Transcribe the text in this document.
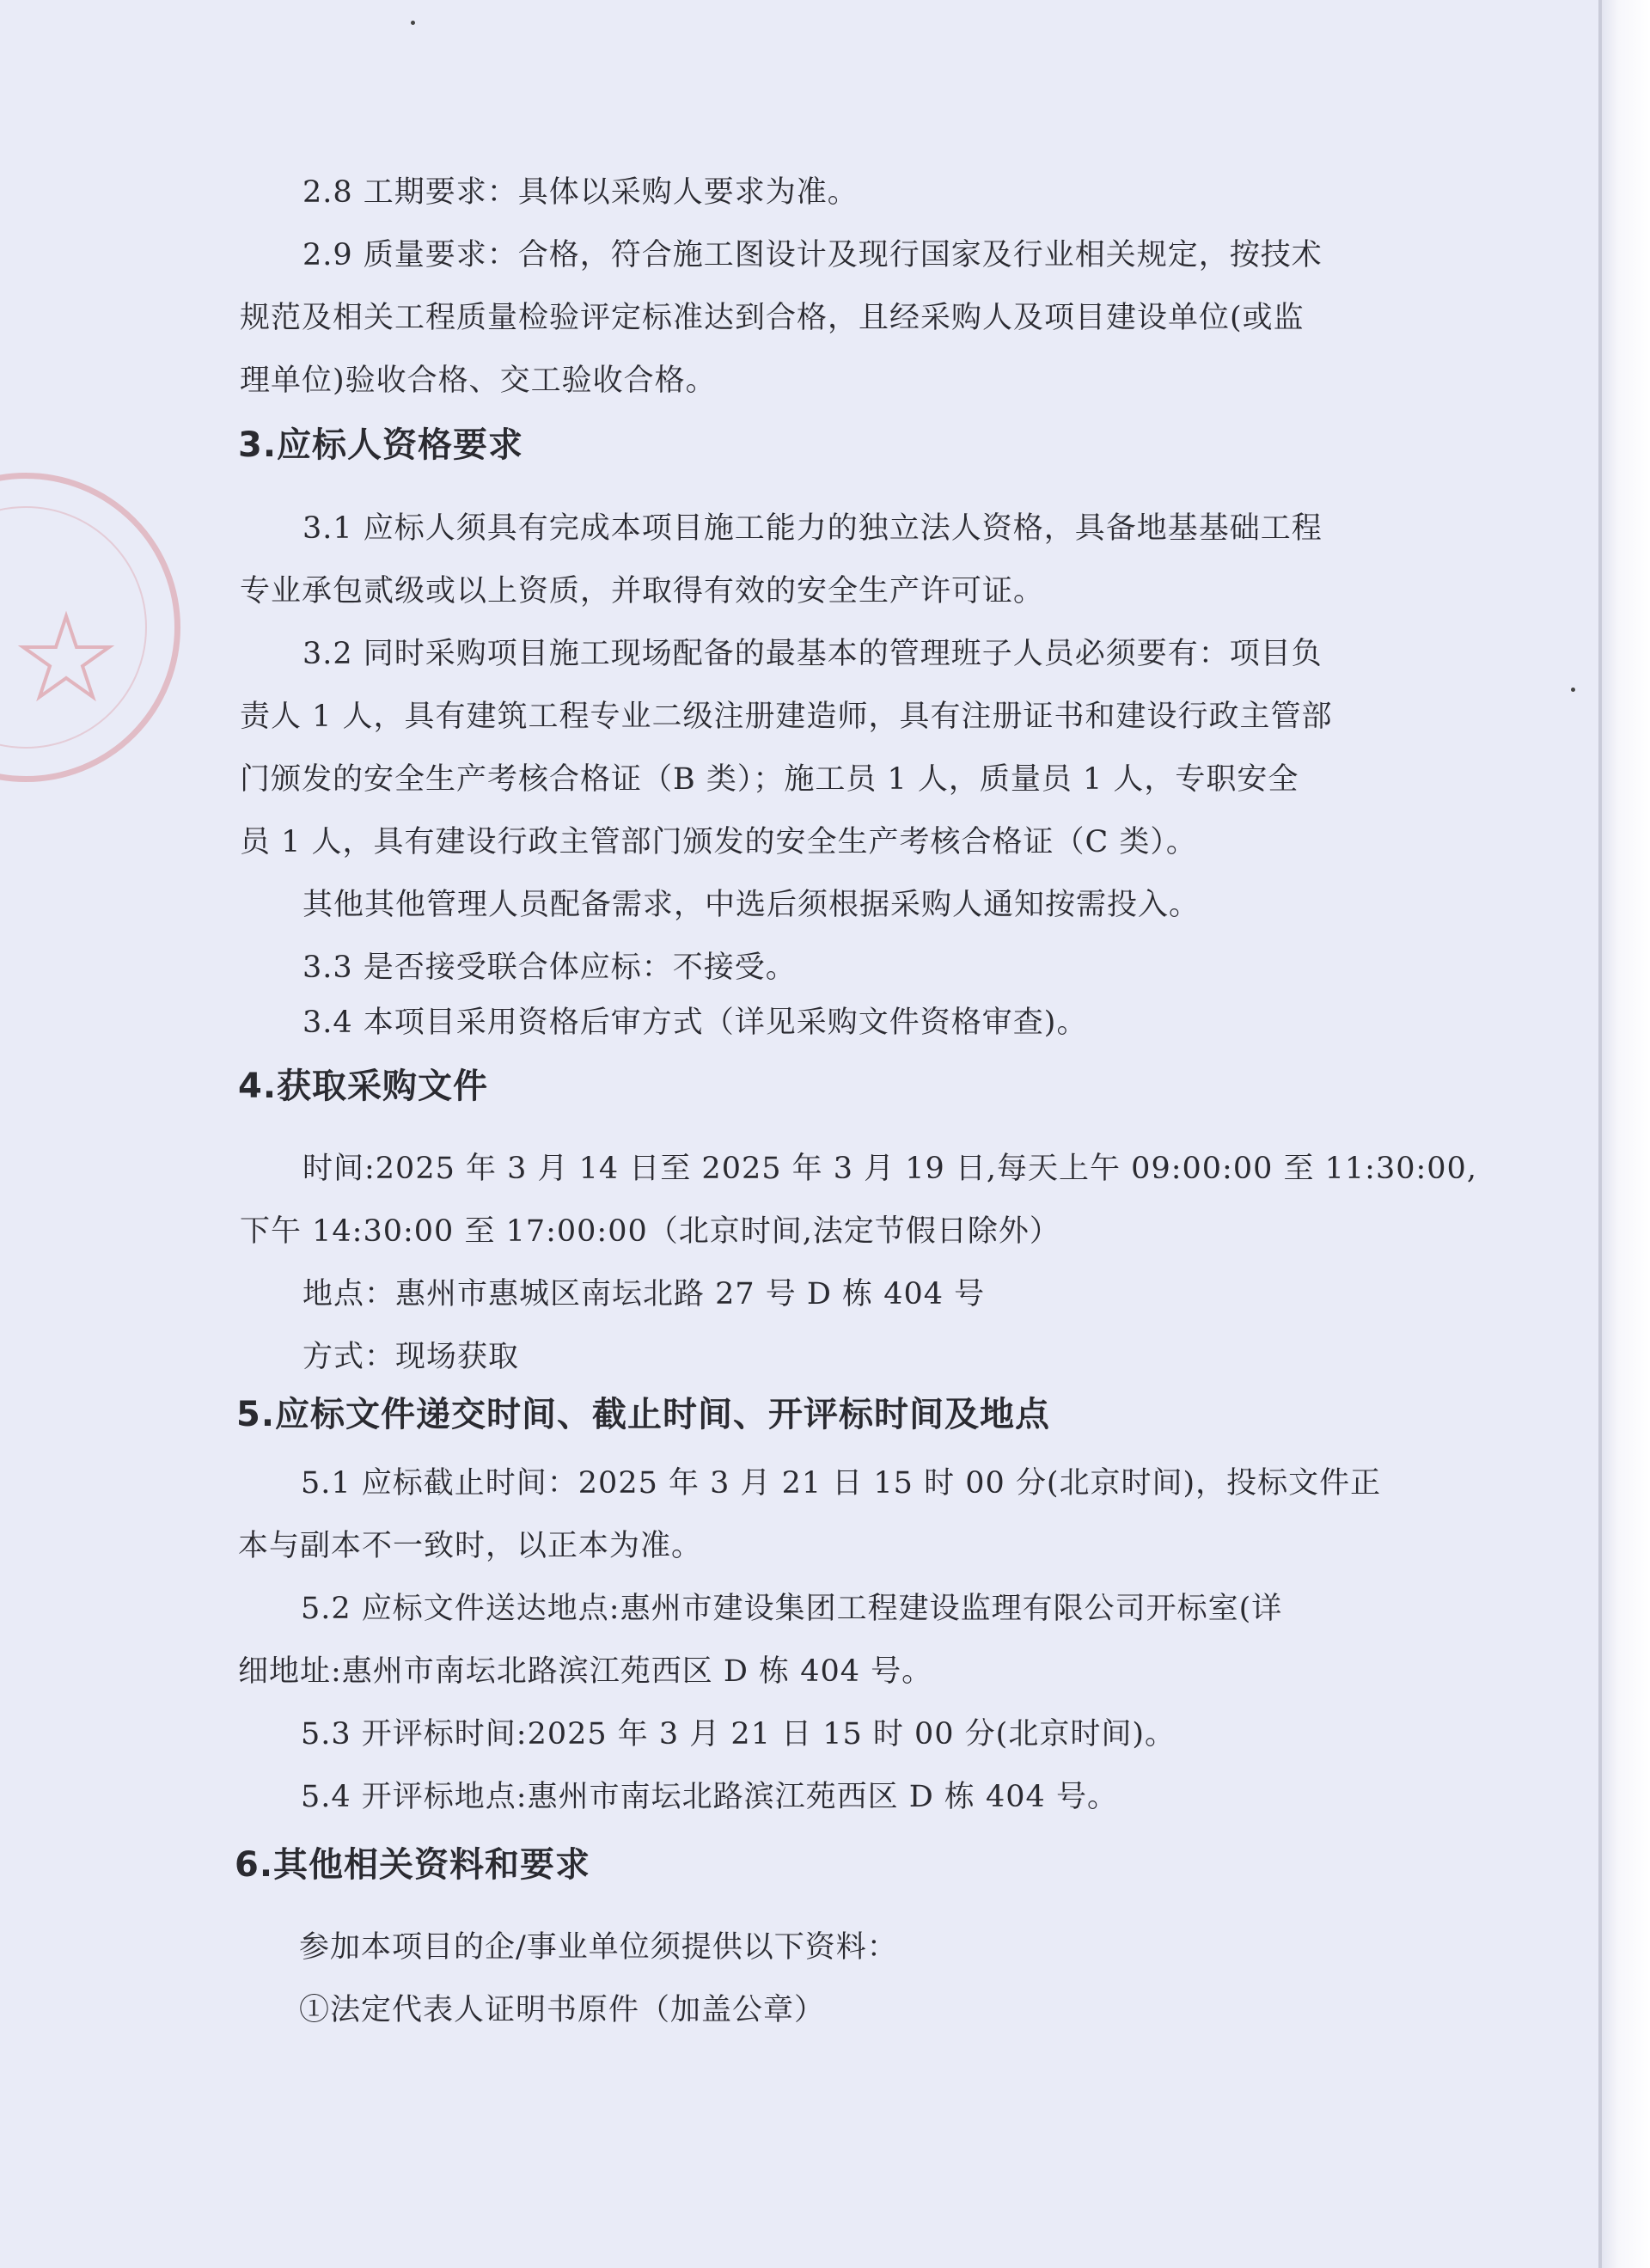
2.8 工期要求：具体以采购人要求为准。

2.9 质量要求：合格，符合施工图设计及现行国家及行业相关规定，按技术

规范及相关工程质量检验评定标准达到合格，且经采购人及项目建设单位(或监

理单位)验收合格、交工验收合格。

3.应标人资格要求

3.1 应标人须具有完成本项目施工能力的独立法人资格，具备地基基础工程

专业承包贰级或以上资质，并取得有效的安全生产许可证。

3.2 同时采购项目施工现场配备的最基本的管理班子人员必须要有：项目负

责人 1 人，具有建筑工程专业二级注册建造师，具有注册证书和建设行政主管部

门颁发的安全生产考核合格证（B 类）；施工员 1 人，质量员 1 人，专职安全

员 1 人，具有建设行政主管部门颁发的安全生产考核合格证（C 类）。

其他其他管理人员配备需求，中选后须根据采购人通知按需投入。

3.3 是否接受联合体应标：不接受。

3.4 本项目采用资格后审方式（详见采购文件资格审查)。

4.获取采购文件

时间:2025 年 3 月 14 日至 2025 年 3 月 19 日,每天上午 09:00:00 至 11:30:00,

下午 14:30:00 至 17:00:00（北京时间,法定节假日除外）

地点：惠州市惠城区南坛北路 27 号 D 栋 404 号

方式：现场获取

5.应标文件递交时间、截止时间、开评标时间及地点

5.1 应标截止时间：2025 年 3 月 21 日 15 时 00 分(北京时间)，投标文件正

本与副本不一致时，以正本为准。

5.2 应标文件送达地点:惠州市建设集团工程建设监理有限公司开标室(详

细地址:惠州市南坛北路滨江苑西区 D 栋 404 号。

5.3 开评标时间:2025 年 3 月 21 日 15 时 00 分(北京时间)。

5.4 开评标地点:惠州市南坛北路滨江苑西区 D 栋 404 号。

6.其他相关资料和要求

参加本项目的企/事业单位须提供以下资料：

①法定代表人证明书原件（加盖公章）
